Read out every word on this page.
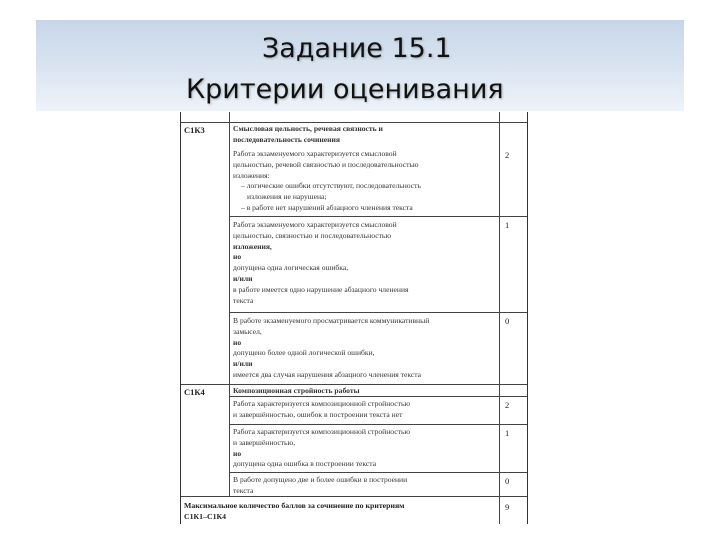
Задание 15.1
Критерии оценивания
С1К3	Смысловая цельность, речевая связность и
последовательность сочинения
Работа экзаменуемого характеризуется смысловой
цельностью, речевой связностью и последовательностью
изложения:
– логические ошибки отсутствуют, последовательность
изложения не нарушена;
– в работе нет нарушений абзацного членения текста
2
Работа экзаменуемого характеризуется смысловой
цельностью, связностью и последовательностью
изложения,
но
допущена одна логическая ошибка,
и/или
в работе имеется одно нарушение абзацного членения
текста
1
В работе экзаменуемого просматривается коммуникативный
замысел,
но
допущено более одной логической ошибки,
и/или
имеется два случая нарушения абзацного членения текста
0
С1К4	Композиционная стройность работы
Работа характеризуется композиционной стройностью
и завершённостью, ошибок в построении текста нет
2
Работа характеризуется композиционной стройностью
и завершённостью,
но
допущена одна ошибка в построении текста
1
В работе допущено две и более ошибки в построении
текста
0
Максимальное количество баллов за сочинение по критериям
С1К1–С1К4
9
